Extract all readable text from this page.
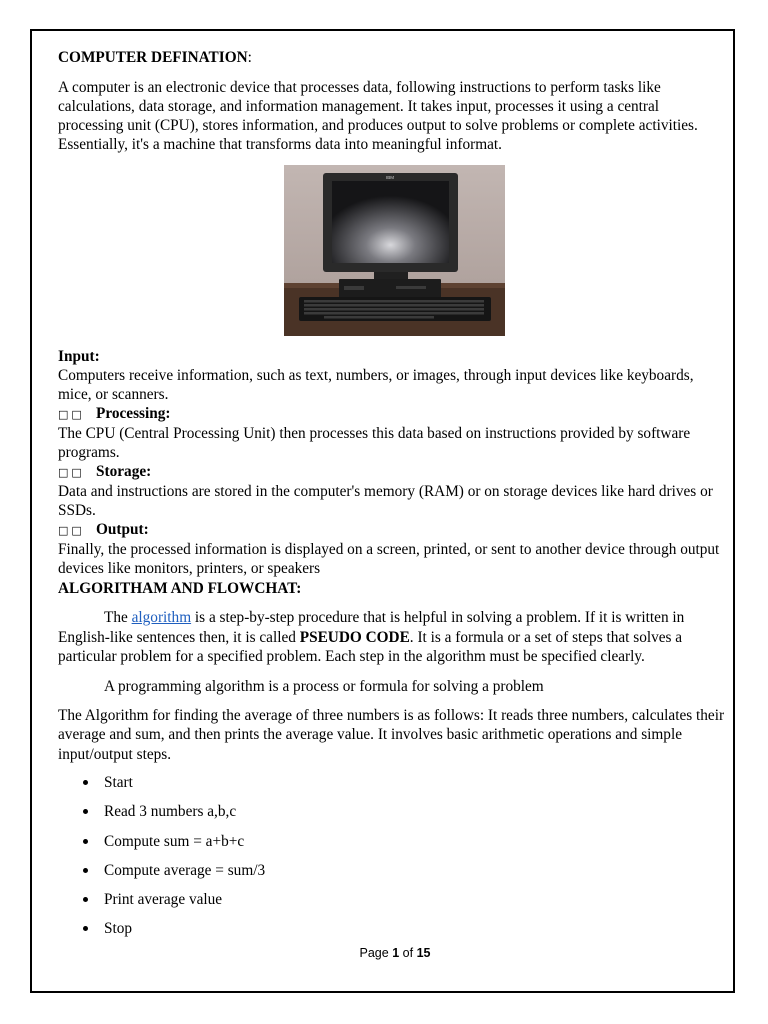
COMPUTER DEFINATION:

A computer is an electronic device that processes data, following instructions to perform tasks like calculations, data storage, and information management. It takes input, processes it using a central processing unit (CPU), stores information, and produces output to solve problems or complete activities. Essentially, it's a machine that transforms data into meaningful informat.

IBM

Input:

Computers receive information, such as text, numbers, or images, through input devices like keyboards, mice, or scanners.

□□ Processing:

The CPU (Central Processing Unit) then processes this data based on instructions provided by software programs.

□□ Storage:

Data and instructions are stored in the computer's memory (RAM) or on storage devices like hard drives or SSDs.

□□ Output:

Finally, the processed information is displayed on a screen, printed, or sent to another device through output devices like monitors, printers, or speakers

ALGORITHAM AND FLOWCHAT:

The algorithm is a step-by-step procedure that is helpful in solving a problem. If it is written in English-like sentences then, it is called PSEUDO CODE. It is a formula or a set of steps that solves a particular problem for a specified problem. Each step in the algorithm must be specified clearly.

A programming algorithm is a process or formula for solving a problem

The Algorithm for finding the average of three numbers is as follows: It reads three numbers, calculates their average and sum, and then prints the average value. It involves basic arithmetic operations and simple input/output steps.

Start
Read 3 numbers a,b,c
Compute sum = a+b+c
Compute average = sum/3
Print average value
Stop
Page 1 of 15
